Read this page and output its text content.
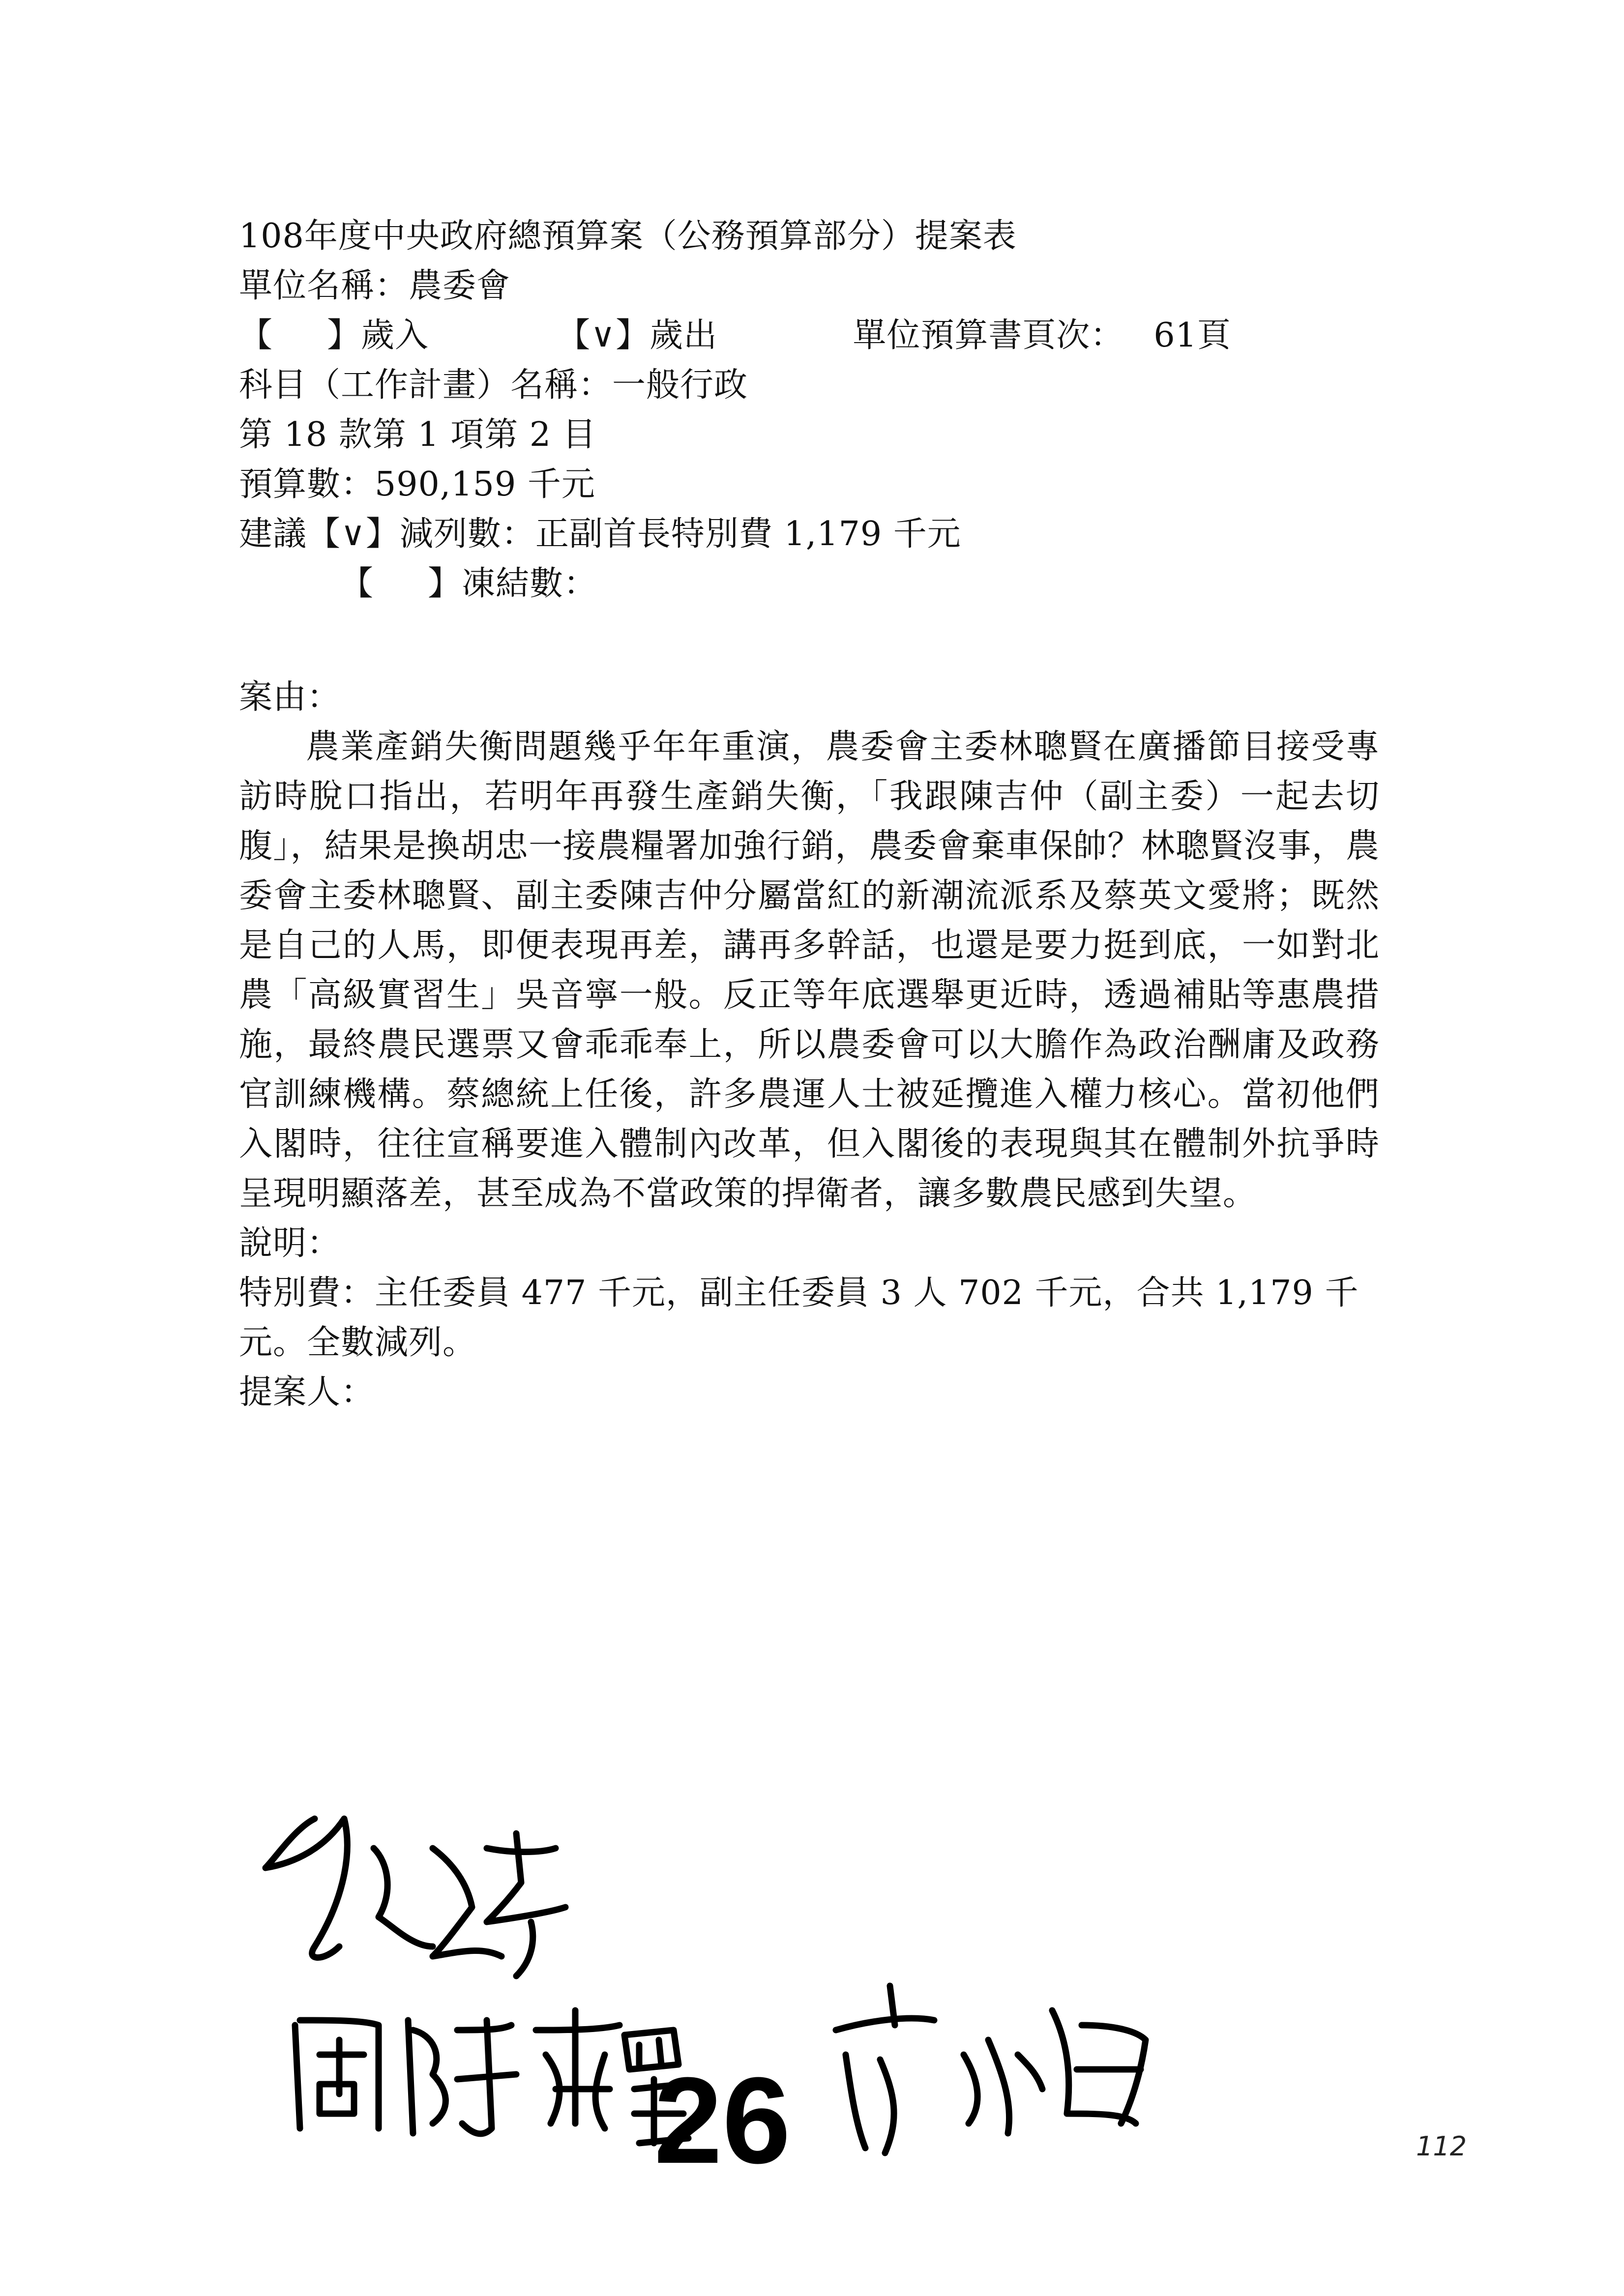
108年度中央政府總預算案（公務預算部分）提案表
單位名稱：農委會
【 】歲入	【∨】歲出	單位預算書頁次： 61頁
科目（工作計畫）名稱：一般行政
第 18 款第 1 項第 2 目
預算數：590,159 千元
建議【∨】減列數：正副首長特別費 1,179 千元
【 】凍結數：
案由：
農業產銷失衡問題幾乎年年重演，農委會主委林聰賢在廣播節目接受專訪時脫口指出，若明年再發生產銷失衡，「我跟陳吉仲（副主委）一起去切腹」，結果是換胡忠一接農糧署加強行銷，農委會棄車保帥？林聰賢沒事，農委會主委林聰賢、副主委陳吉仲分屬當紅的新潮流派系及蔡英文愛將；既然是自己的人馬，即便表現再差，講再多幹話，也還是要力挺到底，一如對北農「高級實習生」吳音寧一般。反正等年底選舉更近時，透過補貼等惠農措施，最終農民選票又會乖乖奉上，所以農委會可以大膽作為政治酬庸及政務官訓練機構。蔡總統上任後，許多農運人士被延攬進入權力核心。當初他們入閣時，往往宣稱要進入體制內改革，但入閣後的表現與其在體制外抗爭時呈現明顯落差，甚至成為不當政策的捍衛者，讓多數農民感到失望。
說明：
特別費：主任委員 477 千元，副主任委員 3 人 702 千元，合共 1,179 千元。全數減列。
提案人：
26	112
